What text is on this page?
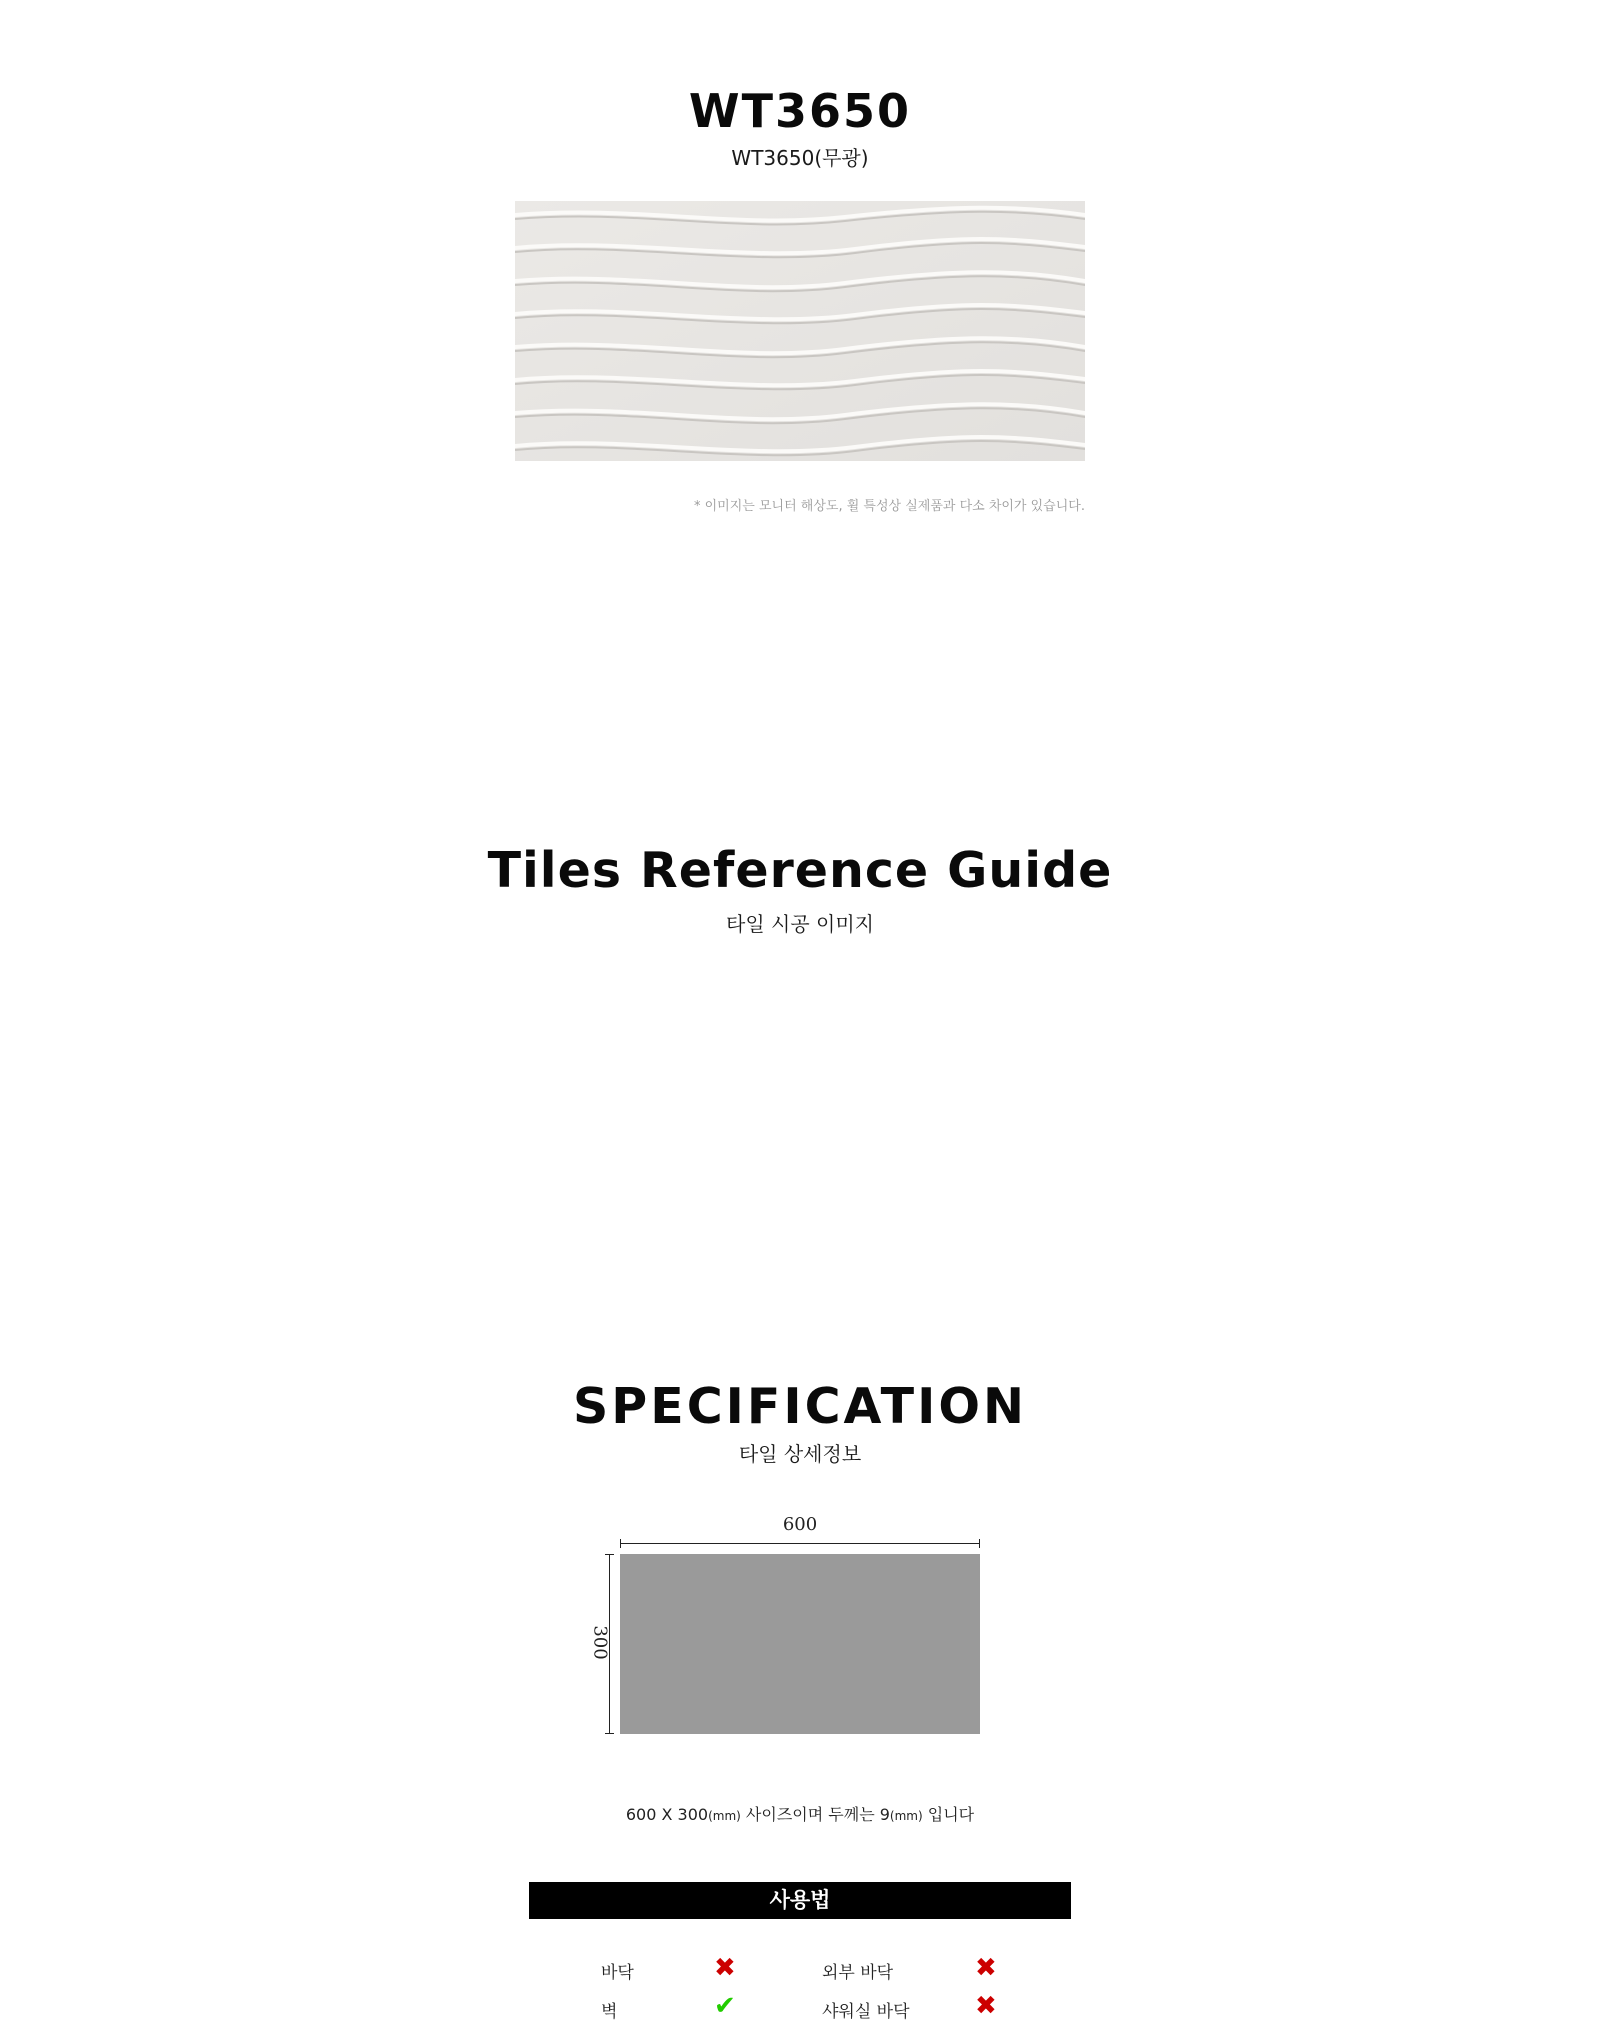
WT3650
WT3650(무광)
* 이미지는 모니터 해상도, 휠 특성상 실제품과 다소 차이가 있습니다.
Tiles Reference Guide
타일 시공 이미지
SPECIFICATION
타일 상세정보
600
300
600 X 300(mm) 사이즈이며 두께는 9(mm) 입니다
사용법
바닥	✖	외부 바닥	✖
벽	✔	샤워실 바닥	✖
